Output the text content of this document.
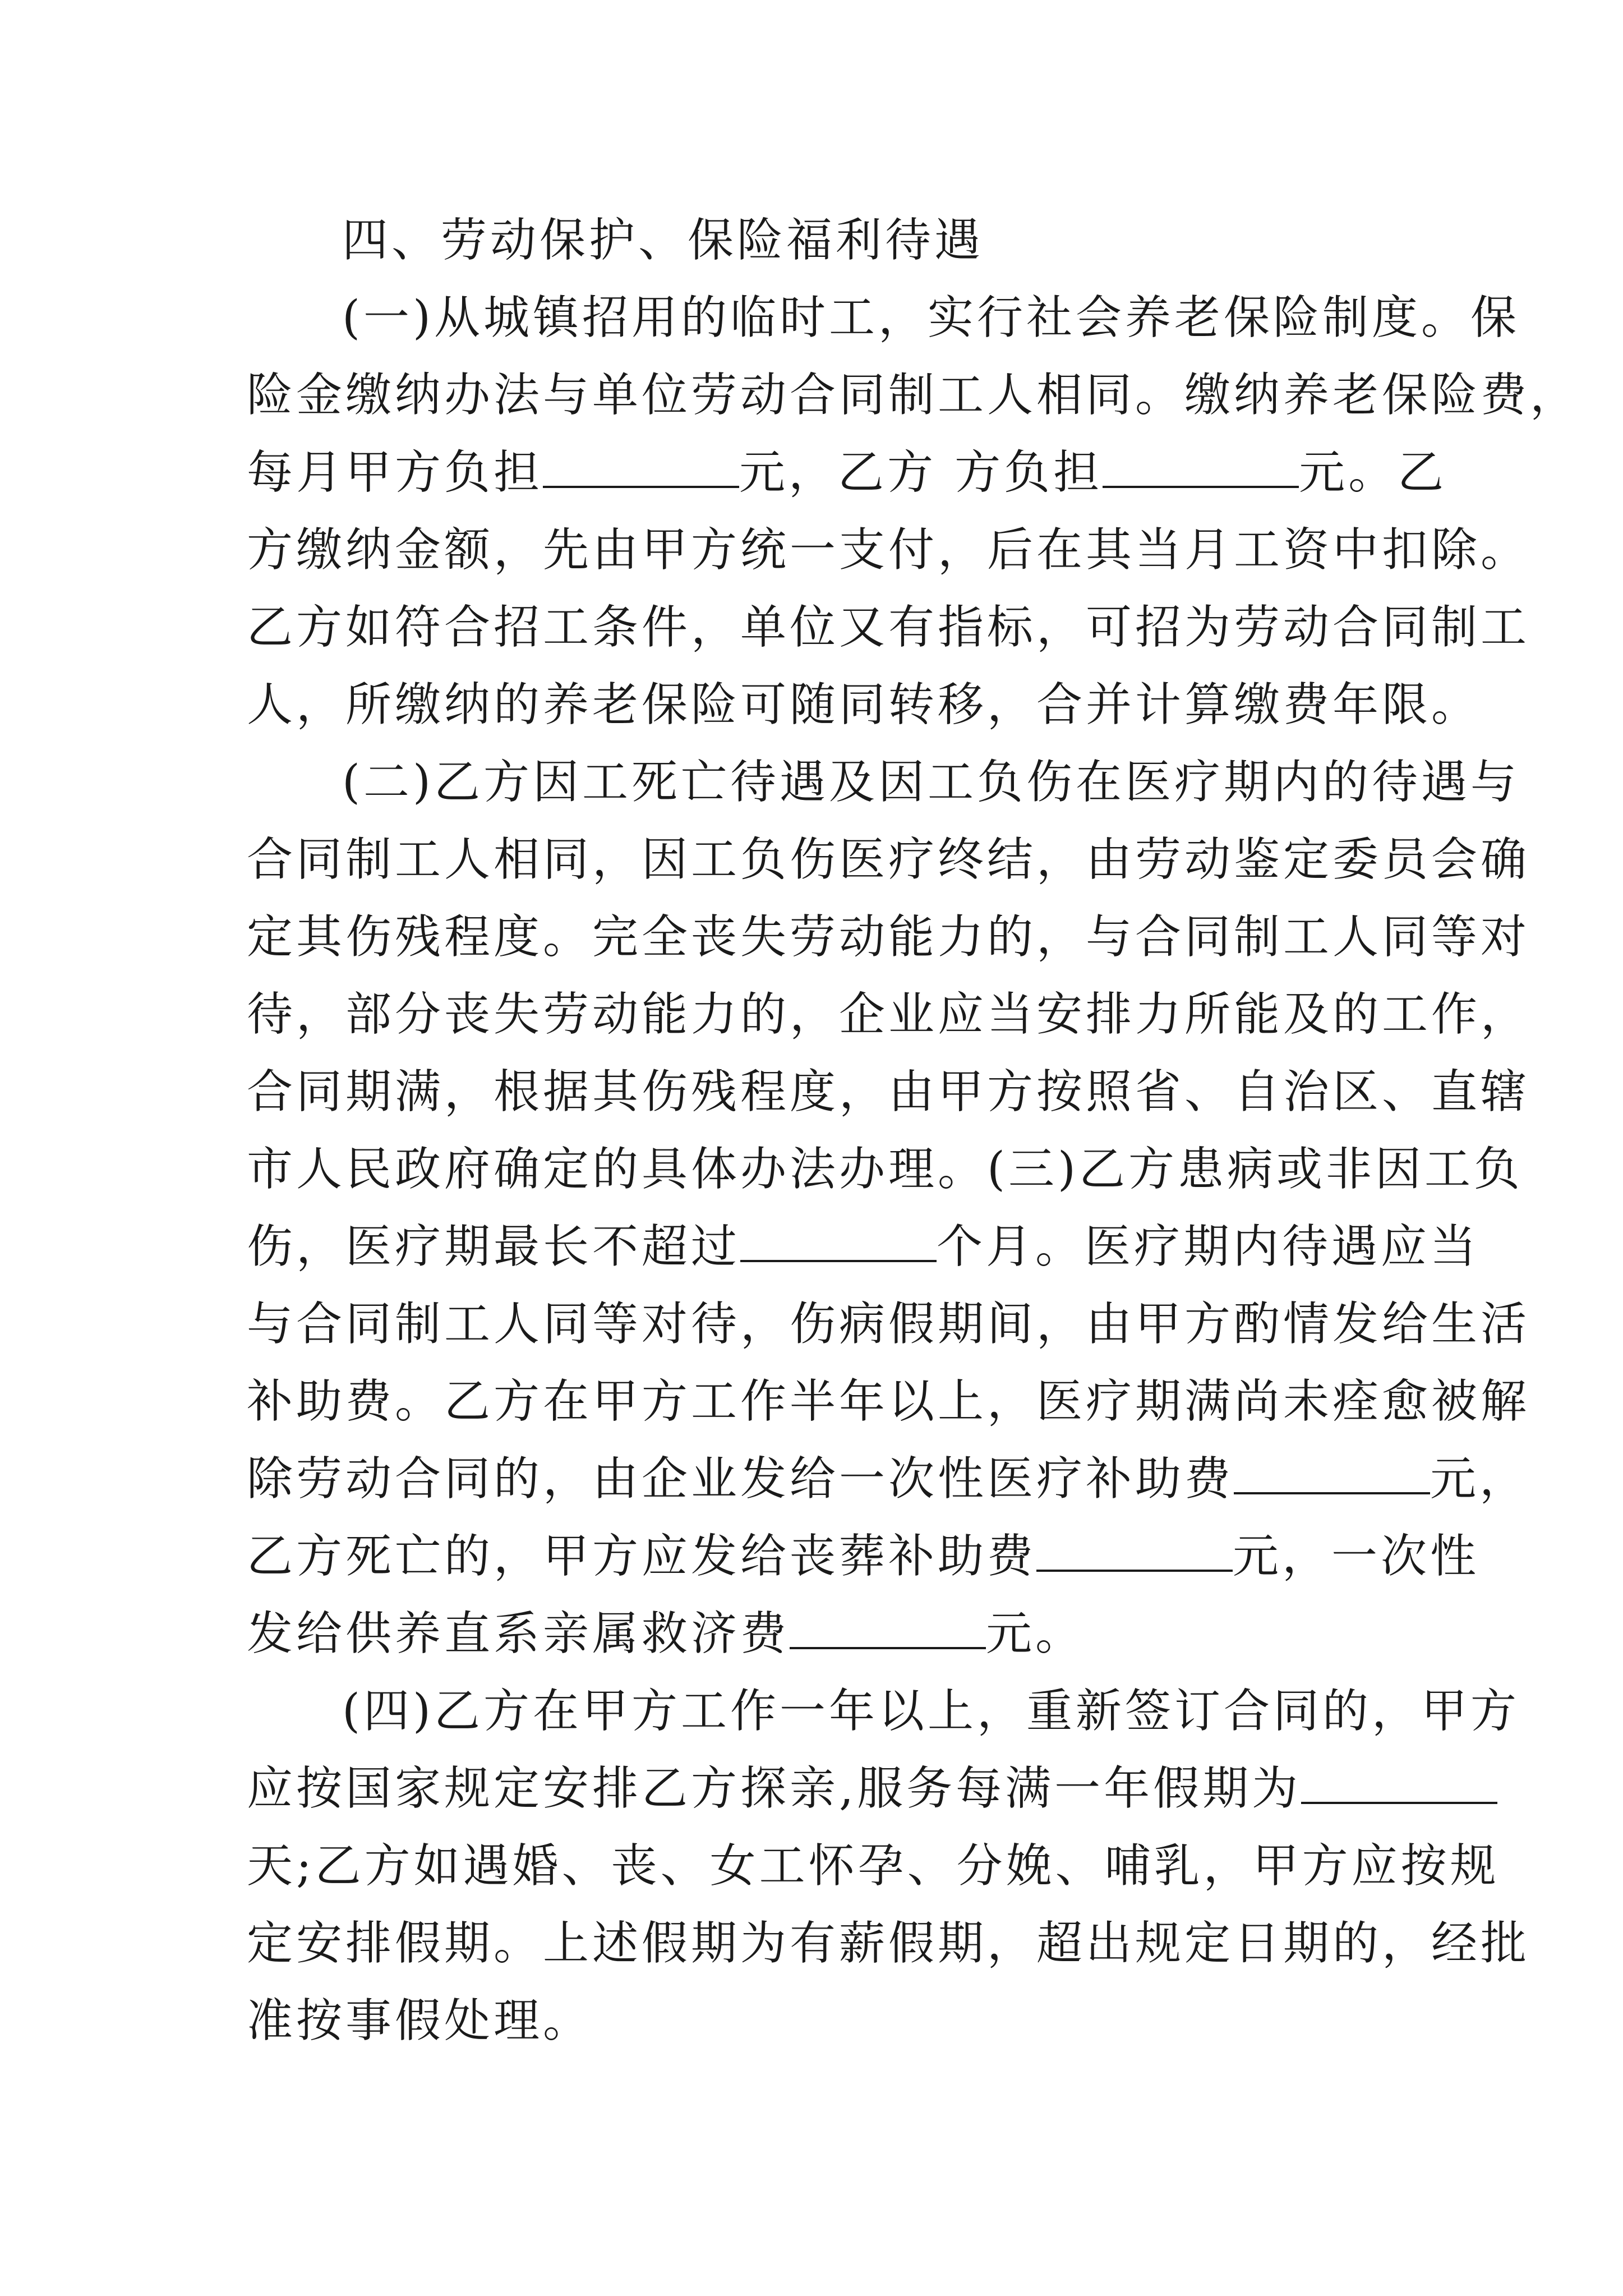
四、劳动保护、保险福利待遇
(一)从城镇招用的临时工，实行社会养老保险制度。保
险金缴纳办法与单位劳动合同制工人相同。缴纳养老保险费，
每月甲方负担	元，乙方 方负担	元。乙
方缴纳金额，先由甲方统一支付，后在其当月工资中扣除。
乙方如符合招工条件，单位又有指标，可招为劳动合同制工
人，所缴纳的养老保险可随同转移，合并计算缴费年限。
(二)乙方因工死亡待遇及因工负伤在医疗期内的待遇与
合同制工人相同，因工负伤医疗终结，由劳动鉴定委员会确
定其伤残程度。完全丧失劳动能力的，与合同制工人同等对
待，部分丧失劳动能力的，企业应当安排力所能及的工作，
合同期满，根据其伤残程度，由甲方按照省、自治区、直辖
市人民政府确定的具体办法办理。(三)乙方患病或非因工负
伤，医疗期最长不超过	个月。医疗期内待遇应当
与合同制工人同等对待，伤病假期间，由甲方酌情发给生活
补助费。乙方在甲方工作半年以上，医疗期满尚未痊愈被解
除劳动合同的，由企业发给一次性医疗补助费	元，
乙方死亡的，甲方应发给丧葬补助费	元，一次性
发给供养直系亲属救济费	元。
(四)乙方在甲方工作一年以上，重新签订合同的，甲方
应按国家规定安排乙方探亲,服务每满一年假期为
天;乙方如遇婚、丧、女工怀孕、分娩、哺乳，甲方应按规
定安排假期。上述假期为有薪假期，超出规定日期的，经批
准按事假处理。
